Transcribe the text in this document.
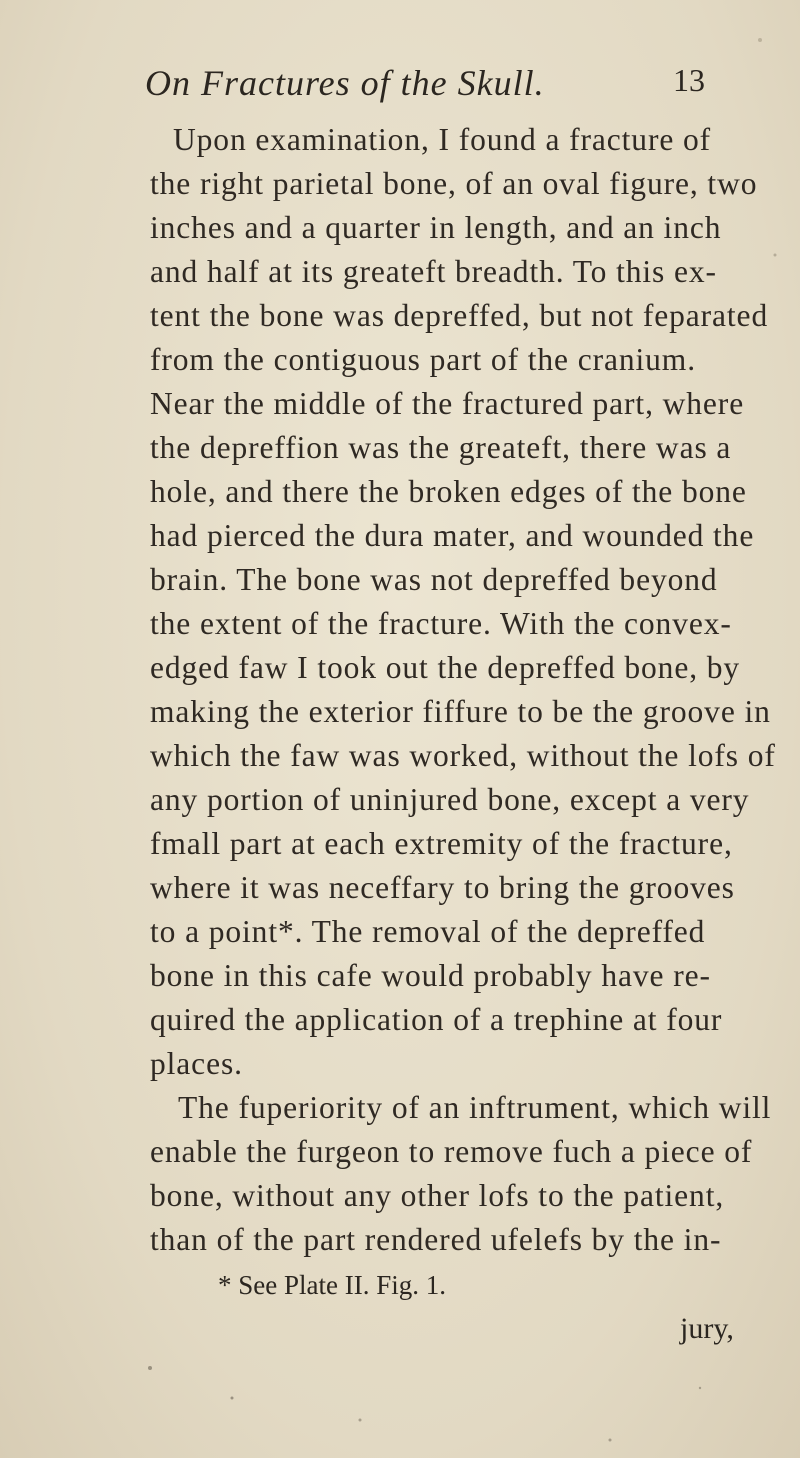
On Fractures of the Skull.	13
Upon examination, I found a fracture of
the right parietal bone, of an oval figure, two
inches and a quarter in length, and an inch
and half at its greateft breadth. To this ex-
tent the bone was depreffed, but not feparated
from the contiguous part of the cranium.
Near the middle of the fractured part, where
the depreffion was the greateft, there was a
hole, and there the broken edges of the bone
had pierced the dura mater, and wounded the
brain. The bone was not depreffed beyond
the extent of the fracture. With the convex-
edged faw I took out the depreffed bone, by
making the exterior fiffure to be the groove in
which the faw was worked, without the lofs of
any portion of uninjured bone, except a very
fmall part at each extremity of the fracture,
where it was neceffary to bring the grooves
to a point*. The removal of the depreffed
bone in this cafe would probably have re-
quired the application of a trephine at four
places.
The fuperiority of an inftrument, which will
enable the furgeon to remove fuch a piece of
bone, without any other lofs to the patient,
than of the part rendered ufelefs by the in-
* See Plate II. Fig. 1.
jury,
